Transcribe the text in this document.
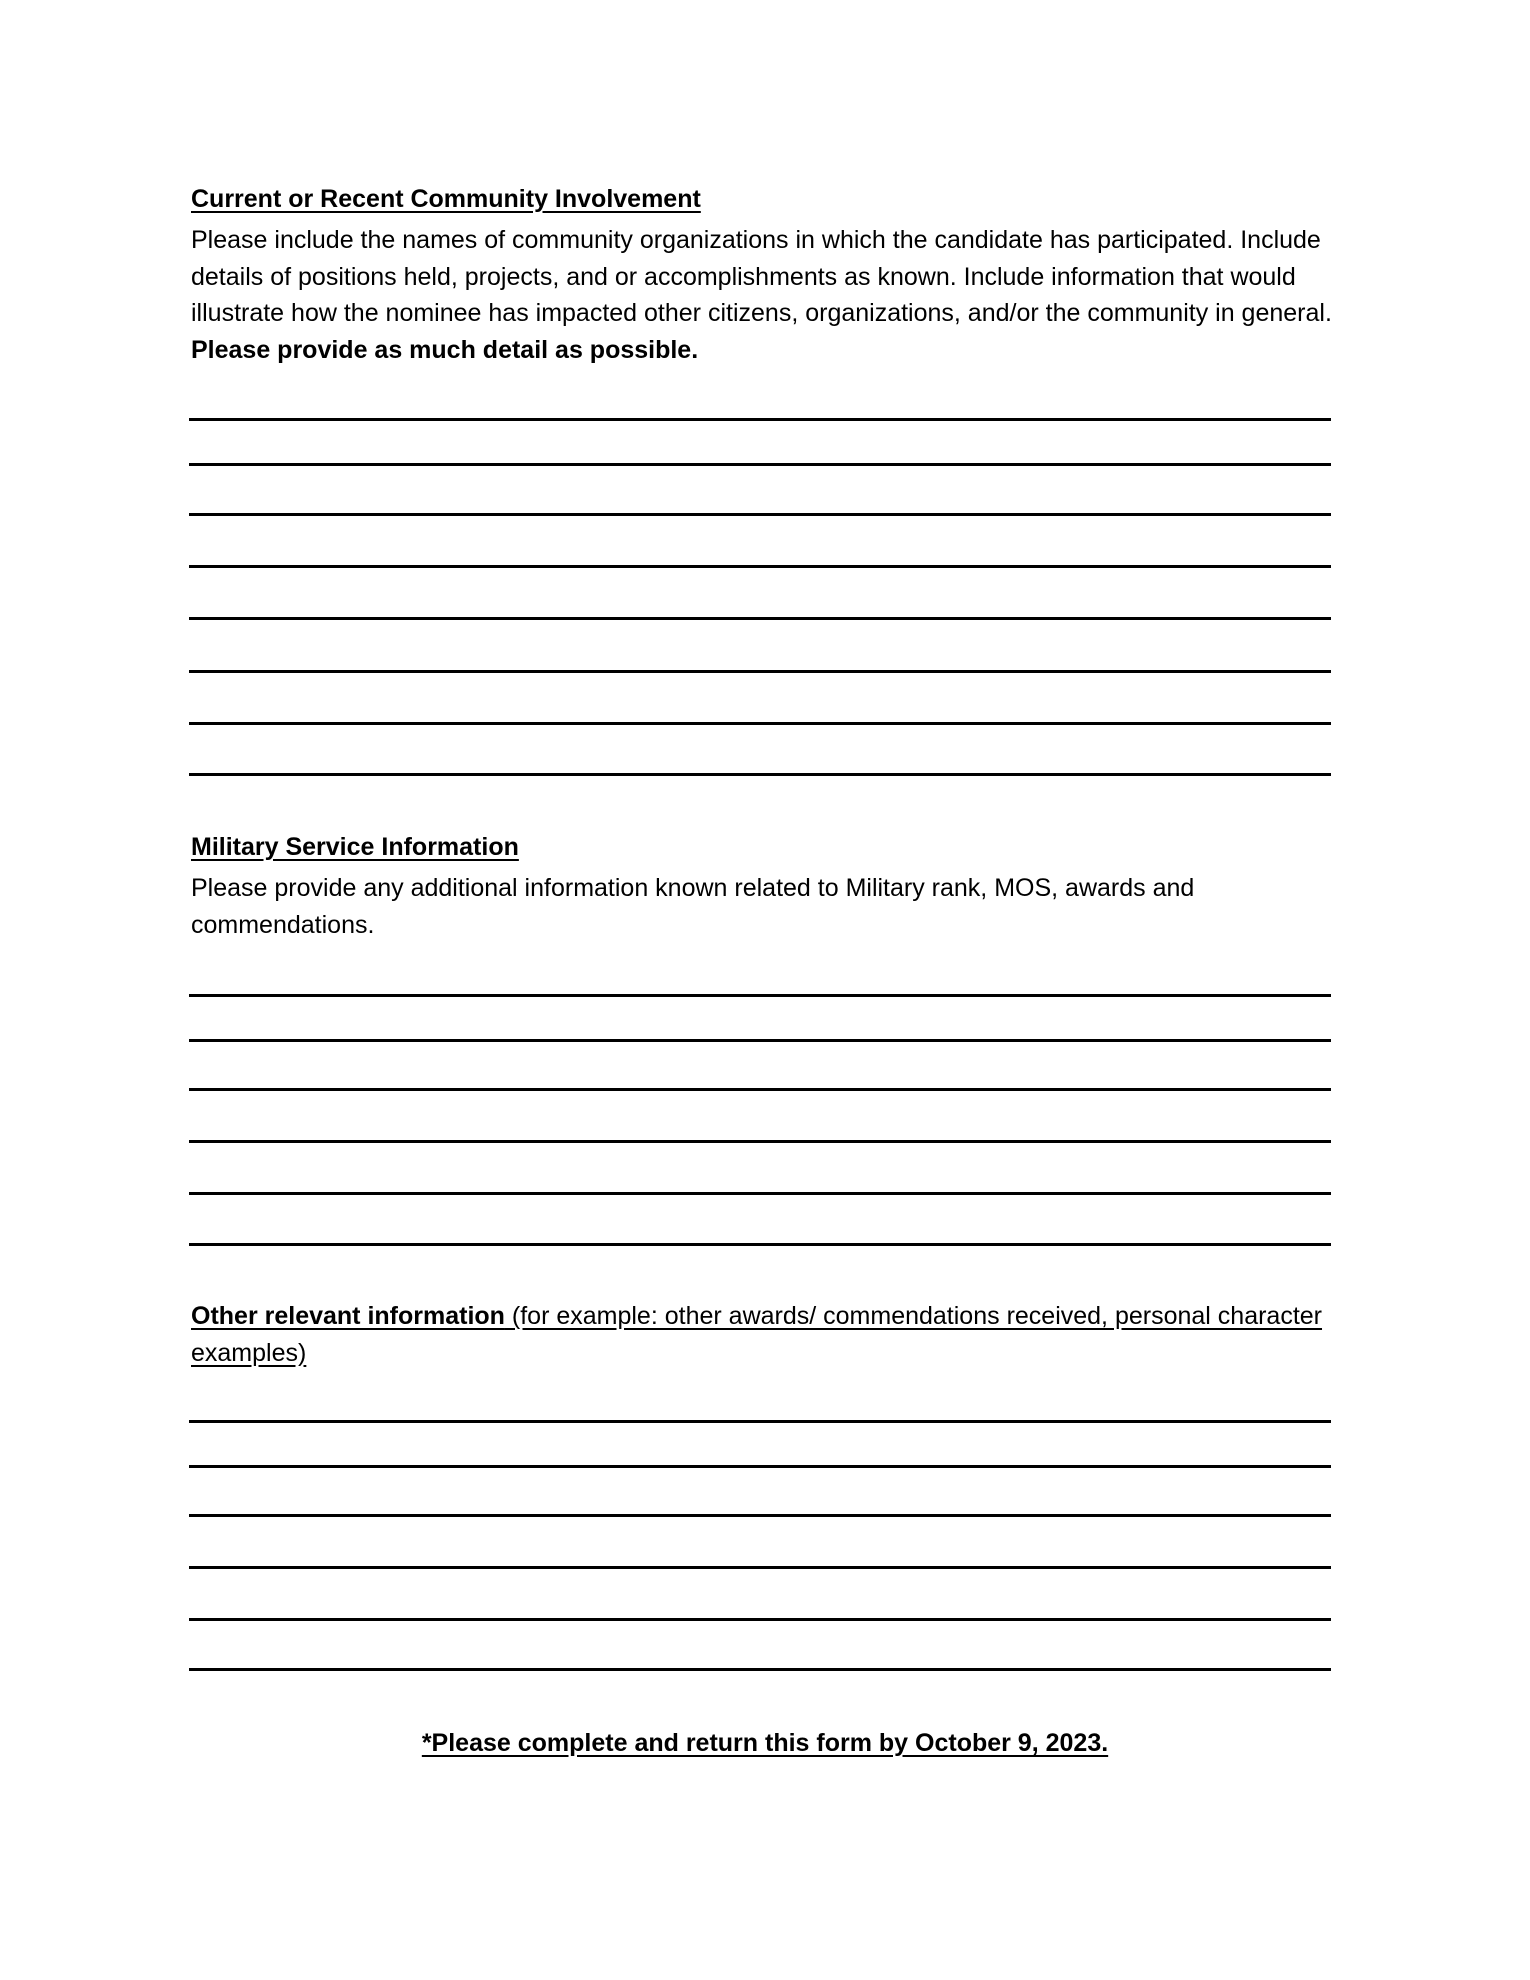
Current or Recent Community Involvement

Please include the names of community organizations in which the candidate has participated. Include details of positions held, projects, and or accomplishments as known. Include information that would illustrate how the nominee has impacted other citizens, organizations, and/or the community in general. Please provide as much detail as possible.

Military Service Information

Please provide any additional information known related to Military rank, MOS, awards and commendations.

Other relevant information (for example: other awards/ commendations received, personal character examples)

*Please complete and return this form by October 9, 2023.
